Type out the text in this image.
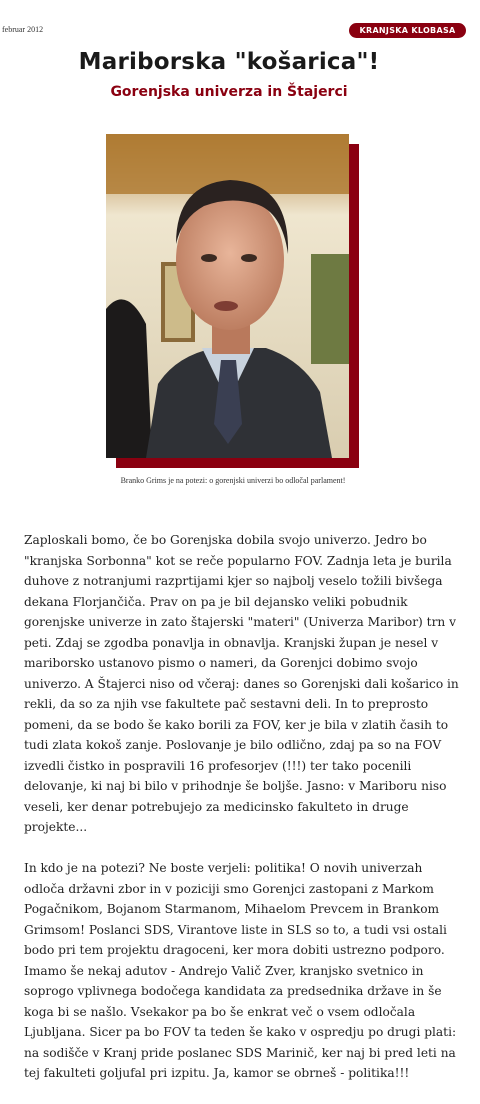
februar 2012	KRANJSKA KLOBASA
Mariborska "košarica"!
Gorenjska univerza in Štajerci
Branko Grims je na potezi: o gorenjski univerzi bo odločal parlament!

Zaploskali bomo, če bo Gorenjska dobila svojo univerzo. Jedro bo "kranjska Sorbonna" kot se reče popularno FOV. Zadnja leta je burila duhove z notranjumi razprtijami kjer so najbolj veselo tožili bivšega dekana Florjančiča. Prav on pa je bil dejansko veliki pobudnik gorenjske univerze in zato štajerski "materi" (Univerza Maribor) trn v peti. Zdaj se zgodba ponavlja in obnavlja. Kranjski župan je nesel v mariborsko ustanovo pismo o nameri, da Gorenjci dobimo svojo univerzo. A Štajerci niso od včeraj: danes so Gorenjski dali košarico in rekli, da so za njih vse fakultete pač sestavni deli. In to preprosto pomeni, da se bodo še kako borili za FOV, ker je bila v zlatih časih to tudi zlata kokoš zanje. Poslovanje je bilo odlično, zdaj pa so na FOV izvedli čistko in pospravili 16 profesorjev (!!!) ter tako pocenili delovanje, ki naj bi bilo v prihodnje še boljše. Jasno: v Mariboru niso veseli, ker denar potrebujejo za medicinsko fakulteto in druge projekte...

In kdo je na potezi? Ne boste verjeli: politika! O novih univerzah odloča državni zbor in v poziciji smo Gorenjci zastopani z Markom Pogačnikom, Bojanom Starmanom, Mihaelom Prevcem in Brankom Grimsom! Poslanci SDS, Virantove liste in SLS so to, a tudi vsi ostali bodo pri tem projektu dragoceni, ker mora dobiti ustrezno podporo. Imamo še nekaj adutov - Andrejo Valič Zver, kranjsko svetnico in soprogo vplivnega bodočega kandidata za predsednika države in še koga bi se našlo. Vsekakor pa bo še enkrat več o vsem odločala Ljubljana. Sicer pa bo FOV ta teden še kako v ospredju po drugi plati: na sodišče v Kranj pride poslanec SDS Marinič, ker naj bi pred leti na tej fakulteti goljufal pri izpitu. Ja, kamor se obrneš - politika!!!
